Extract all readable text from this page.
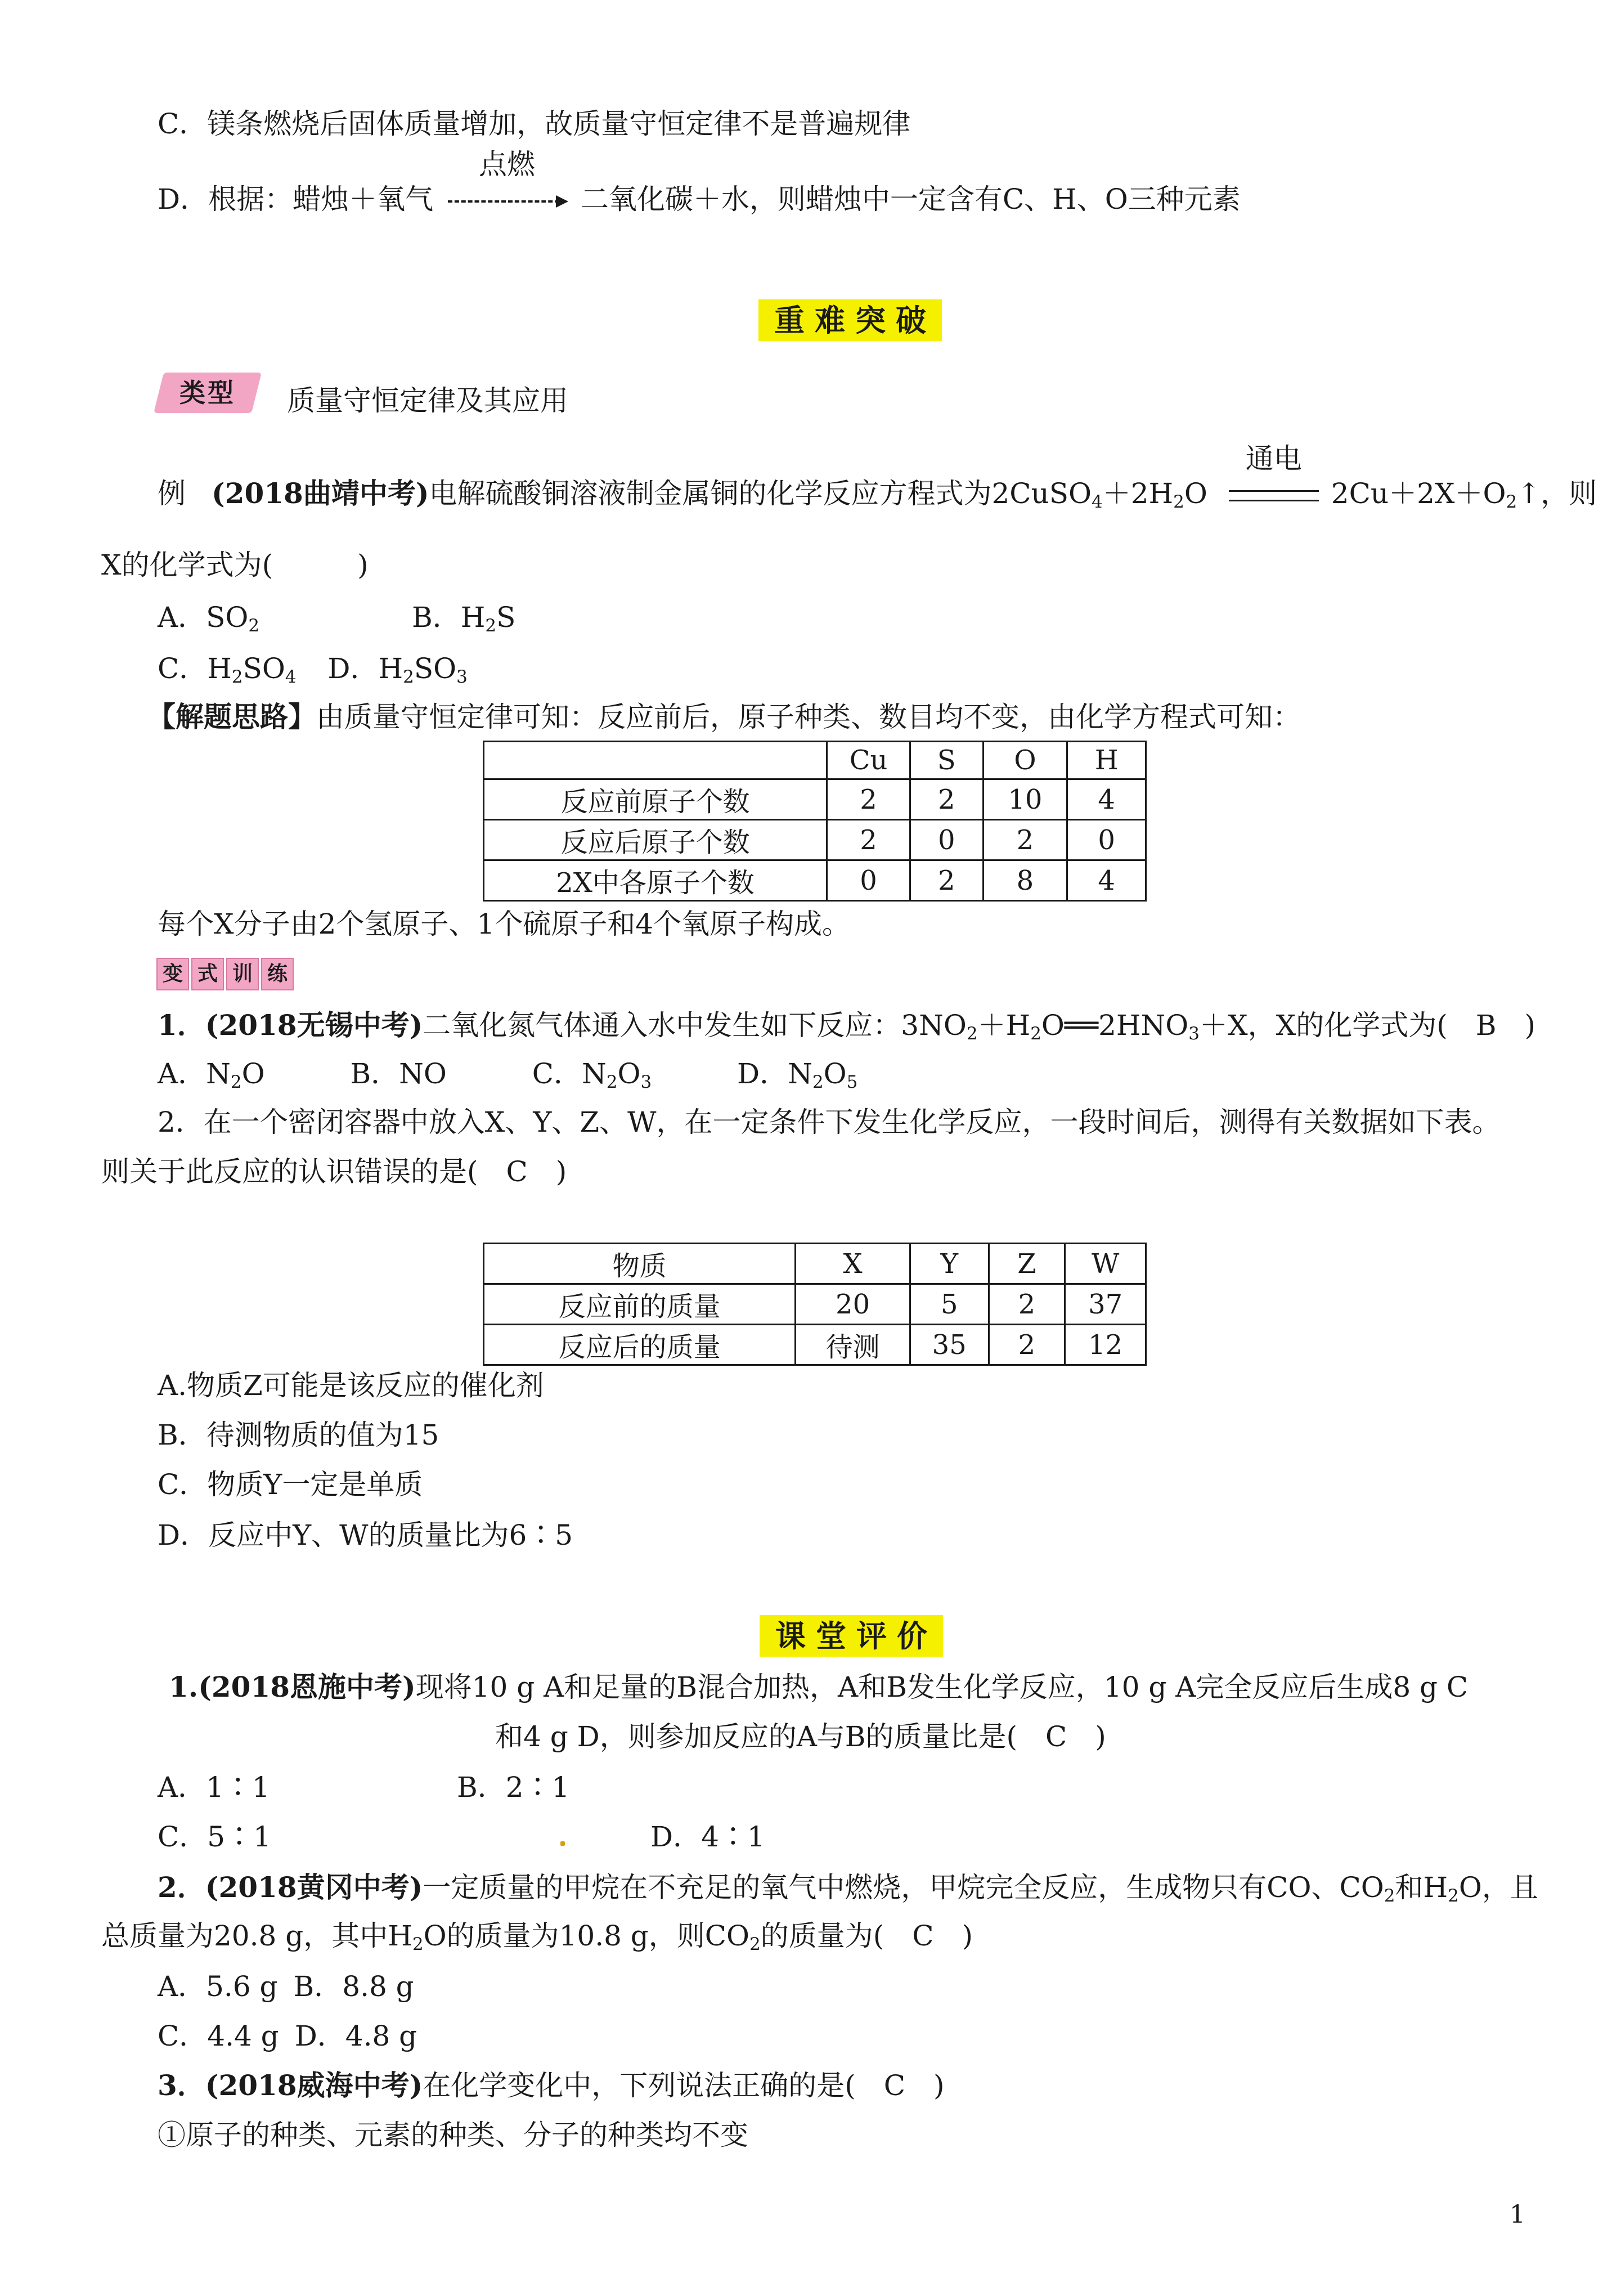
C．镁条燃烧后固体质量增加，故质量守恒定律不是普遍规律
D．根据：蜡烛＋氧气
点燃
二氧化碳＋水，则蜡烛中一定含有C、H、O三种元素
重难突破
类型	质量守恒定律及其应用
例 (2018曲靖中考)电解硫酸铜溶液制金属铜的化学反应方程式为$2CuSO_4+2H_2O$
通电
$2Cu+2X+O_2↑$，则
X的化学式为(　　　)
A．$SO_2$	B．$H_2S$
C．$H_2SO_4$ D．$H_2SO_3$
【解题思路】由质量守恒定律可知：反应前后，原子种类、数目均不变，由化学方程式可知：
	Cu	S	O	H
反应前原子个数	2	2	10	4
反应后原子个数	2	0	2	0
2X中各原子个数	0	2	8	4
每个X分子由2个氢原子、1个硫原子和4个氧原子构成。
变 式 训 练
1．(2018无锡中考)二氧化氮气体通入水中发生如下反应：$3NO_2+H_2O══2HNO_3+X$，X的化学式为(　B　)
A．$N_2O$	B．NO	C．$N_2O_3$	D．$N_2O_5$
2．在一个密闭容器中放入X、Y、Z、W，在一定条件下发生化学反应，一段时间后，测得有关数据如下表。
则关于此反应的认识错误的是(　C　)
物质	X	Y	Z	W
反应前的质量	20	5	2	37
反应后的质量	待测	35	2	12
A.物质Z可能是该反应的催化剂
B．待测物质的值为15
C．物质Y一定是单质
D．反应中Y、W的质量比为6∶5
课堂评价
1.(2018恩施中考)现将10 g A和足量的B混合加热，A和B发生化学反应，10 g A完全反应后生成8 g C
和4 g D，则参加反应的A与B的质量比是(　C　)
A．1∶1	B．2∶1
C．5∶1	D．4∶1
2．(2018黄冈中考)一定质量的甲烷在不充足的氧气中燃烧，甲烷完全反应，生成物只有CO、$CO_2$和$H_2O$，且
总质量为20.8 g，其中$H_2O$的质量为10.8 g，则$CO_2$的质量为(　C　)
A．5.6 g B．8.8 g
C．4.4 g D．4.8 g
3．(2018威海中考)在化学变化中，下列说法正确的是(　C　)
①原子的种类、元素的种类、分子的种类均不变
1
